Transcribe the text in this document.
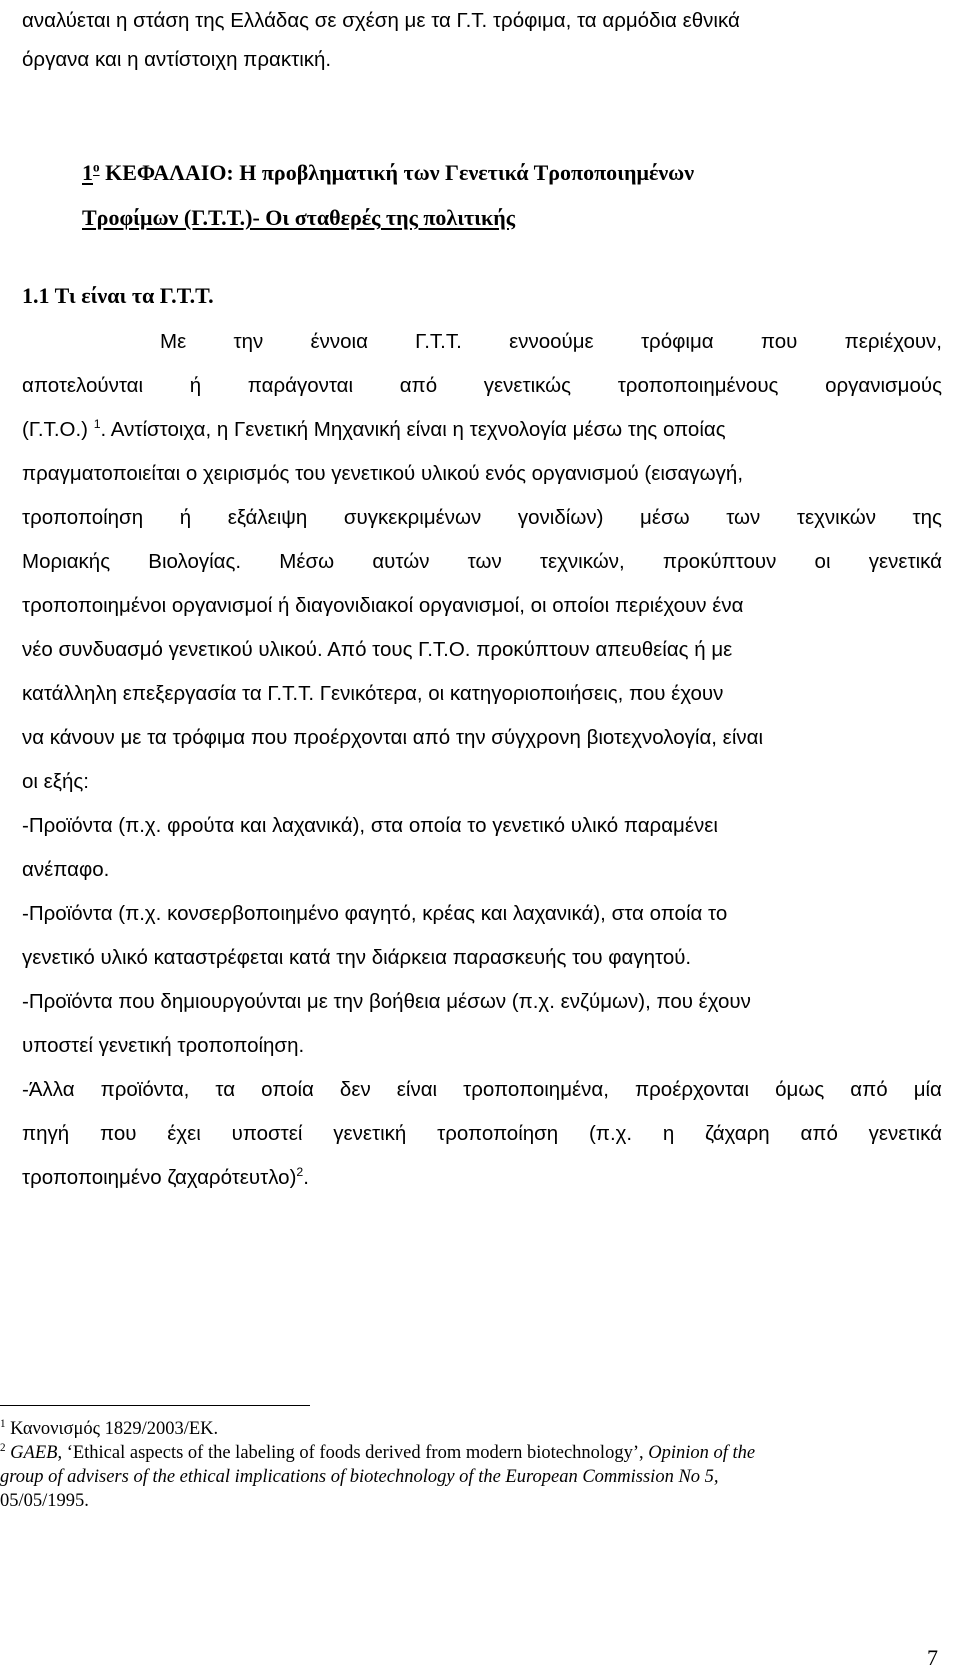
αναλύεται η στάση της Ελλάδας σε σχέση με τα Γ.Τ. τρόφιμα, τα αρμόδια εθνικά
όργανα και η αντίστοιχη πρακτική.
$1^o$ ΚΕΦΑΛΑΙΟ: Η προβληματική των Γενετικά Τροποποιημένων
Τροφίμων (Γ.Τ.Τ.)- Οι σταθερές της πολιτικής
1.1 Τι είναι τα Γ.Τ.Τ.
Με την έννοια Γ.Τ.Τ. εννοούμε τρόφιμα που περιέχουν,
αποτελούνται ή παράγονται από γενετικώς τροποποιημένους οργανισμούς
(Γ.Τ.Ο.) $^1$. Αντίστοιχα, η Γενετική Μηχανική είναι η τεχνολογία μέσω της οποίας
πραγματοποιείται ο χειρισμός του γενετικού υλικού ενός οργανισμού (εισαγωγή,
τροποποίηση ή εξάλειψη συγκεκριμένων γονιδίων) μέσω των τεχνικών της
Μοριακής Βιολογίας. Μέσω αυτών των τεχνικών, προκύπτουν οι γενετικά
τροποποιημένοι οργανισμοί ή διαγονιδιακοί οργανισμοί, οι οποίοι περιέχουν ένα
νέο συνδυασμό γενετικού υλικού. Από τους Γ.Τ.Ο. προκύπτουν απευθείας ή με
κατάλληλη επεξεργασία τα Γ.Τ.Τ. Γενικότερα, οι κατηγοριοποιήσεις, που έχουν
να κάνουν με τα τρόφιμα που προέρχονται από την σύγχρονη βιοτεχνολογία, είναι
οι εξής:
-Προϊόντα (π.χ. φρούτα και λαχανικά), στα οποία το γενετικό υλικό παραμένει
ανέπαφο.
-Προϊόντα (π.χ. κονσερβοποιημένο φαγητό, κρέας και λαχανικά), στα οποία το
γενετικό υλικό καταστρέφεται κατά την διάρκεια παρασκευής του φαγητού.
-Προϊόντα που δημιουργούνται με την βοήθεια μέσων (π.χ. ενζύμων), που έχουν
υποστεί γενετική τροποποίηση.
-Άλλα προϊόντα, τα οποία δεν είναι τροποποιημένα, προέρχονται όμως από μία
πηγή που έχει υποστεί γενετική τροποποίηση (π.χ. η ζάχαρη από γενετικά
τροποποιημένο ζαχαρότευτλο)$^2$.
$^1$ Κανονισμός 1829/2003/ΕΚ.
$^2$ GAEB, ‘Ethical aspects of the labeling of foods derived from modern biotechnology’, Opinion of the
group of advisers of the ethical implications of biotechnology of the European Commission No 5,
05/05/1995.
7
